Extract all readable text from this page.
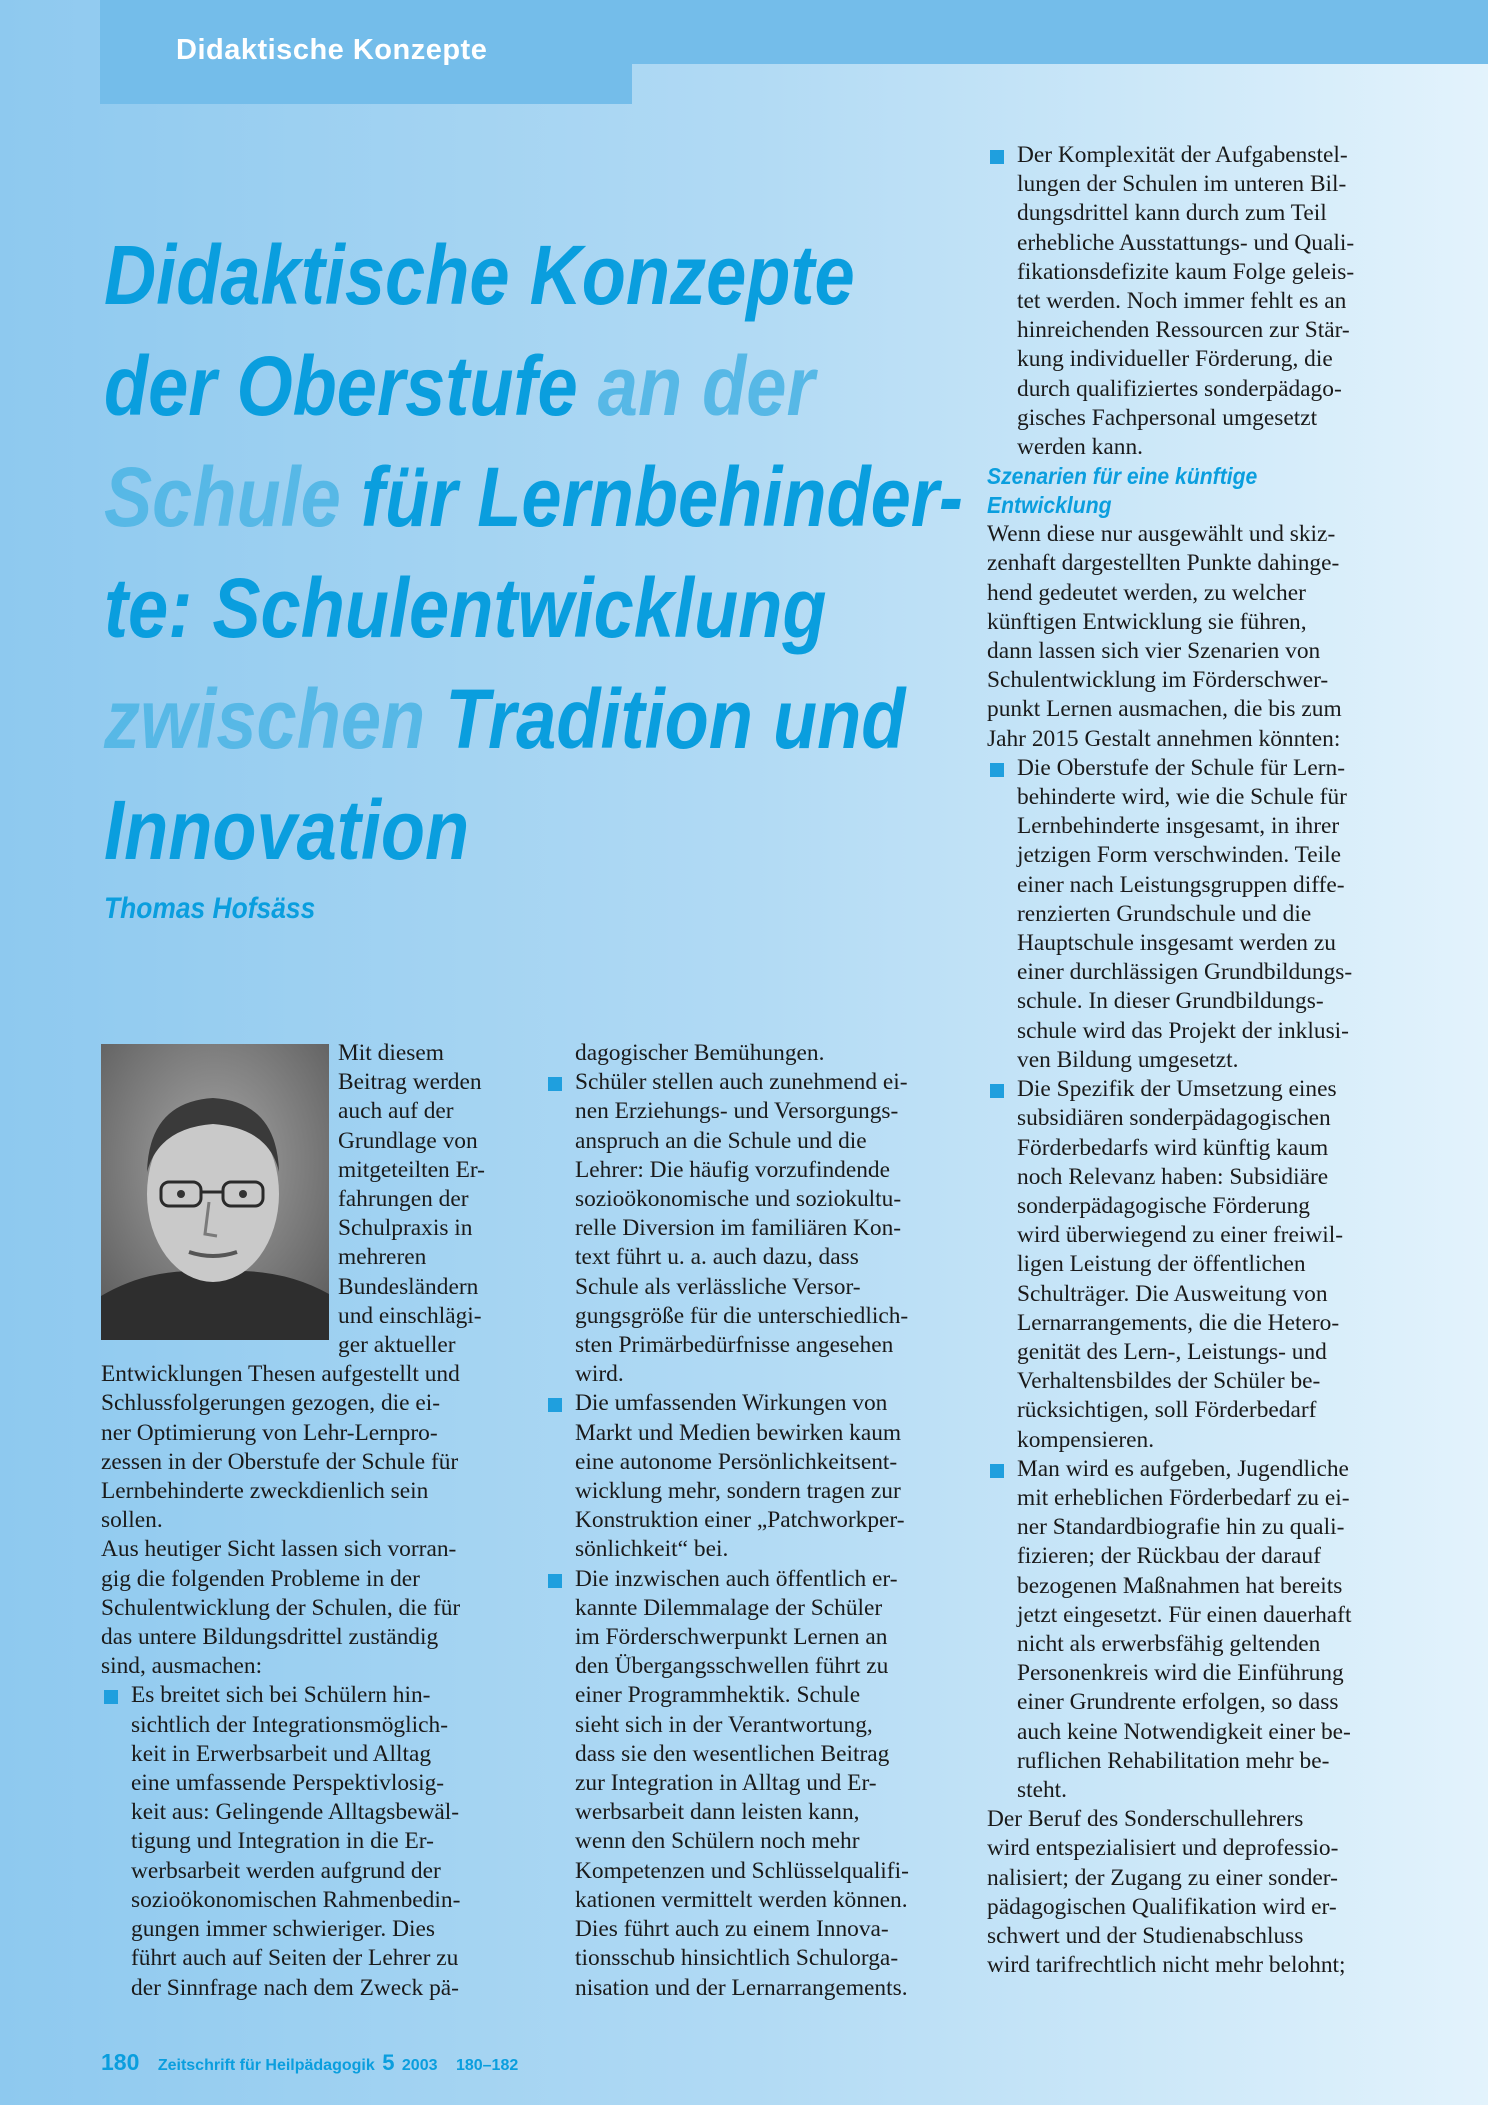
Didaktische Konzepte
Didaktische Konzepte
der Oberstufe an der
Schule für Lernbehinder-
te: Schulentwicklung
zwischen Tradition und
Innovation
Thomas Hofsäss

Mit diesem
Beitrag werden
auch auf der
Grundlage von
mitgeteilten Er-
fahrungen der
Schulpraxis in
mehreren
Bundesländern
und einschlägi-
ger aktueller
Entwicklungen Thesen aufgestellt und
Schlussfolgerungen gezogen, die ei-
ner Optimierung von Lehr-Lernpro-
zessen in der Oberstufe der Schule für
Lernbehinderte zweckdienlich sein
sollen.

Aus heutiger Sicht lassen sich vorran-
gig die folgenden Probleme in der
Schulentwicklung der Schulen, die für
das untere Bildungsdrittel zuständig
sind, ausmachen:

Es breitet sich bei Schülern hin-
sichtlich der Integrationsmöglich-
keit in Erwerbsarbeit und Alltag
eine umfassende Perspektivlosig-
keit aus: Gelingende Alltagsbewäl-
tigung und Integration in die Er-
werbsarbeit werden aufgrund der
sozioökonomischen Rahmenbedin-
gungen immer schwieriger. Dies
führt auch auf Seiten der Lehrer zu
der Sinnfrage nach dem Zweck pä-

dagogischer Bemühungen.

Schüler stellen auch zunehmend ei-
nen Erziehungs- und Versorgungs-
anspruch an die Schule und die
Lehrer: Die häufig vorzufindende
sozioökonomische und soziokultu-
relle Diversion im familiären Kon-
text führt u. a. auch dazu, dass
Schule als verlässliche Versor-
gungsgröße für die unterschiedlich-
sten Primärbedürfnisse angesehen
wird.

Die umfassenden Wirkungen von
Markt und Medien bewirken kaum
eine autonome Persönlichkeitsent-
wicklung mehr, sondern tragen zur
Konstruktion einer „Patchworkper-
sönlichkeit“ bei.

Die inzwischen auch öffentlich er-
kannte Dilemmalage der Schüler
im Förderschwerpunkt Lernen an
den Übergangsschwellen führt zu
einer Programmhektik. Schule
sieht sich in der Verantwortung,
dass sie den wesentlichen Beitrag
zur Integration in Alltag und Er-
werbsarbeit dann leisten kann,
wenn den Schülern noch mehr
Kompetenzen und Schlüsselqualifi-
kationen vermittelt werden können.
Dies führt auch zu einem Innova-
tionsschub hinsichtlich Schulorga-
nisation und der Lernarrangements.

Der Komplexität der Aufgabenstel-
lungen der Schulen im unteren Bil-
dungsdrittel kann durch zum Teil
erhebliche Ausstattungs- und Quali-
fikationsdefizite kaum Folge geleis-
tet werden. Noch immer fehlt es an
hinreichenden Ressourcen zur Stär-
kung individueller Förderung, die
durch qualifiziertes sonderpädago-
gisches Fachpersonal umgesetzt
werden kann.

Szenarien für eine künftige
Entwicklung

Wenn diese nur ausgewählt und skiz-
zenhaft dargestellten Punkte dahinge-
hend gedeutet werden, zu welcher
künftigen Entwicklung sie führen,
dann lassen sich vier Szenarien von
Schulentwicklung im Förderschwer-
punkt Lernen ausmachen, die bis zum
Jahr 2015 Gestalt annehmen könnten:

Die Oberstufe der Schule für Lern-
behinderte wird, wie die Schule für
Lernbehinderte insgesamt, in ihrer
jetzigen Form verschwinden. Teile
einer nach Leistungsgruppen diffe-
renzierten Grundschule und die
Hauptschule insgesamt werden zu
einer durchlässigen Grundbildungs-
schule. In dieser Grundbildungs-
schule wird das Projekt der inklusi-
ven Bildung umgesetzt.

Die Spezifik der Umsetzung eines
subsidiären sonderpädagogischen
Förderbedarfs wird künftig kaum
noch Relevanz haben: Subsidiäre
sonderpädagogische Förderung
wird überwiegend zu einer freiwil-
ligen Leistung der öffentlichen
Schulträger. Die Ausweitung von
Lernarrangements, die die Hetero-
genität des Lern-, Leistungs- und
Verhaltensbildes der Schüler be-
rücksichtigen, soll Förderbedarf
kompensieren.

Man wird es aufgeben, Jugendliche
mit erheblichen Förderbedarf zu ei-
ner Standardbiografie hin zu quali-
fizieren; der Rückbau der darauf
bezogenen Maßnahmen hat bereits
jetzt eingesetzt. Für einen dauerhaft
nicht als erwerbsfähig geltenden
Personenkreis wird die Einführung
einer Grundrente erfolgen, so dass
auch keine Notwendigkeit einer be-
ruflichen Rehabilitation mehr be-
steht.

Der Beruf des Sonderschullehrers
wird entspezialisiert und deprofessio-
nalisiert; der Zugang zu einer sonder-
pädagogischen Qualifikation wird er-
schwert und der Studienabschluss
wird tarifrechtlich nicht mehr belohnt;

180 Zeitschrift für Heilpädagogik 5 2003 180–182
